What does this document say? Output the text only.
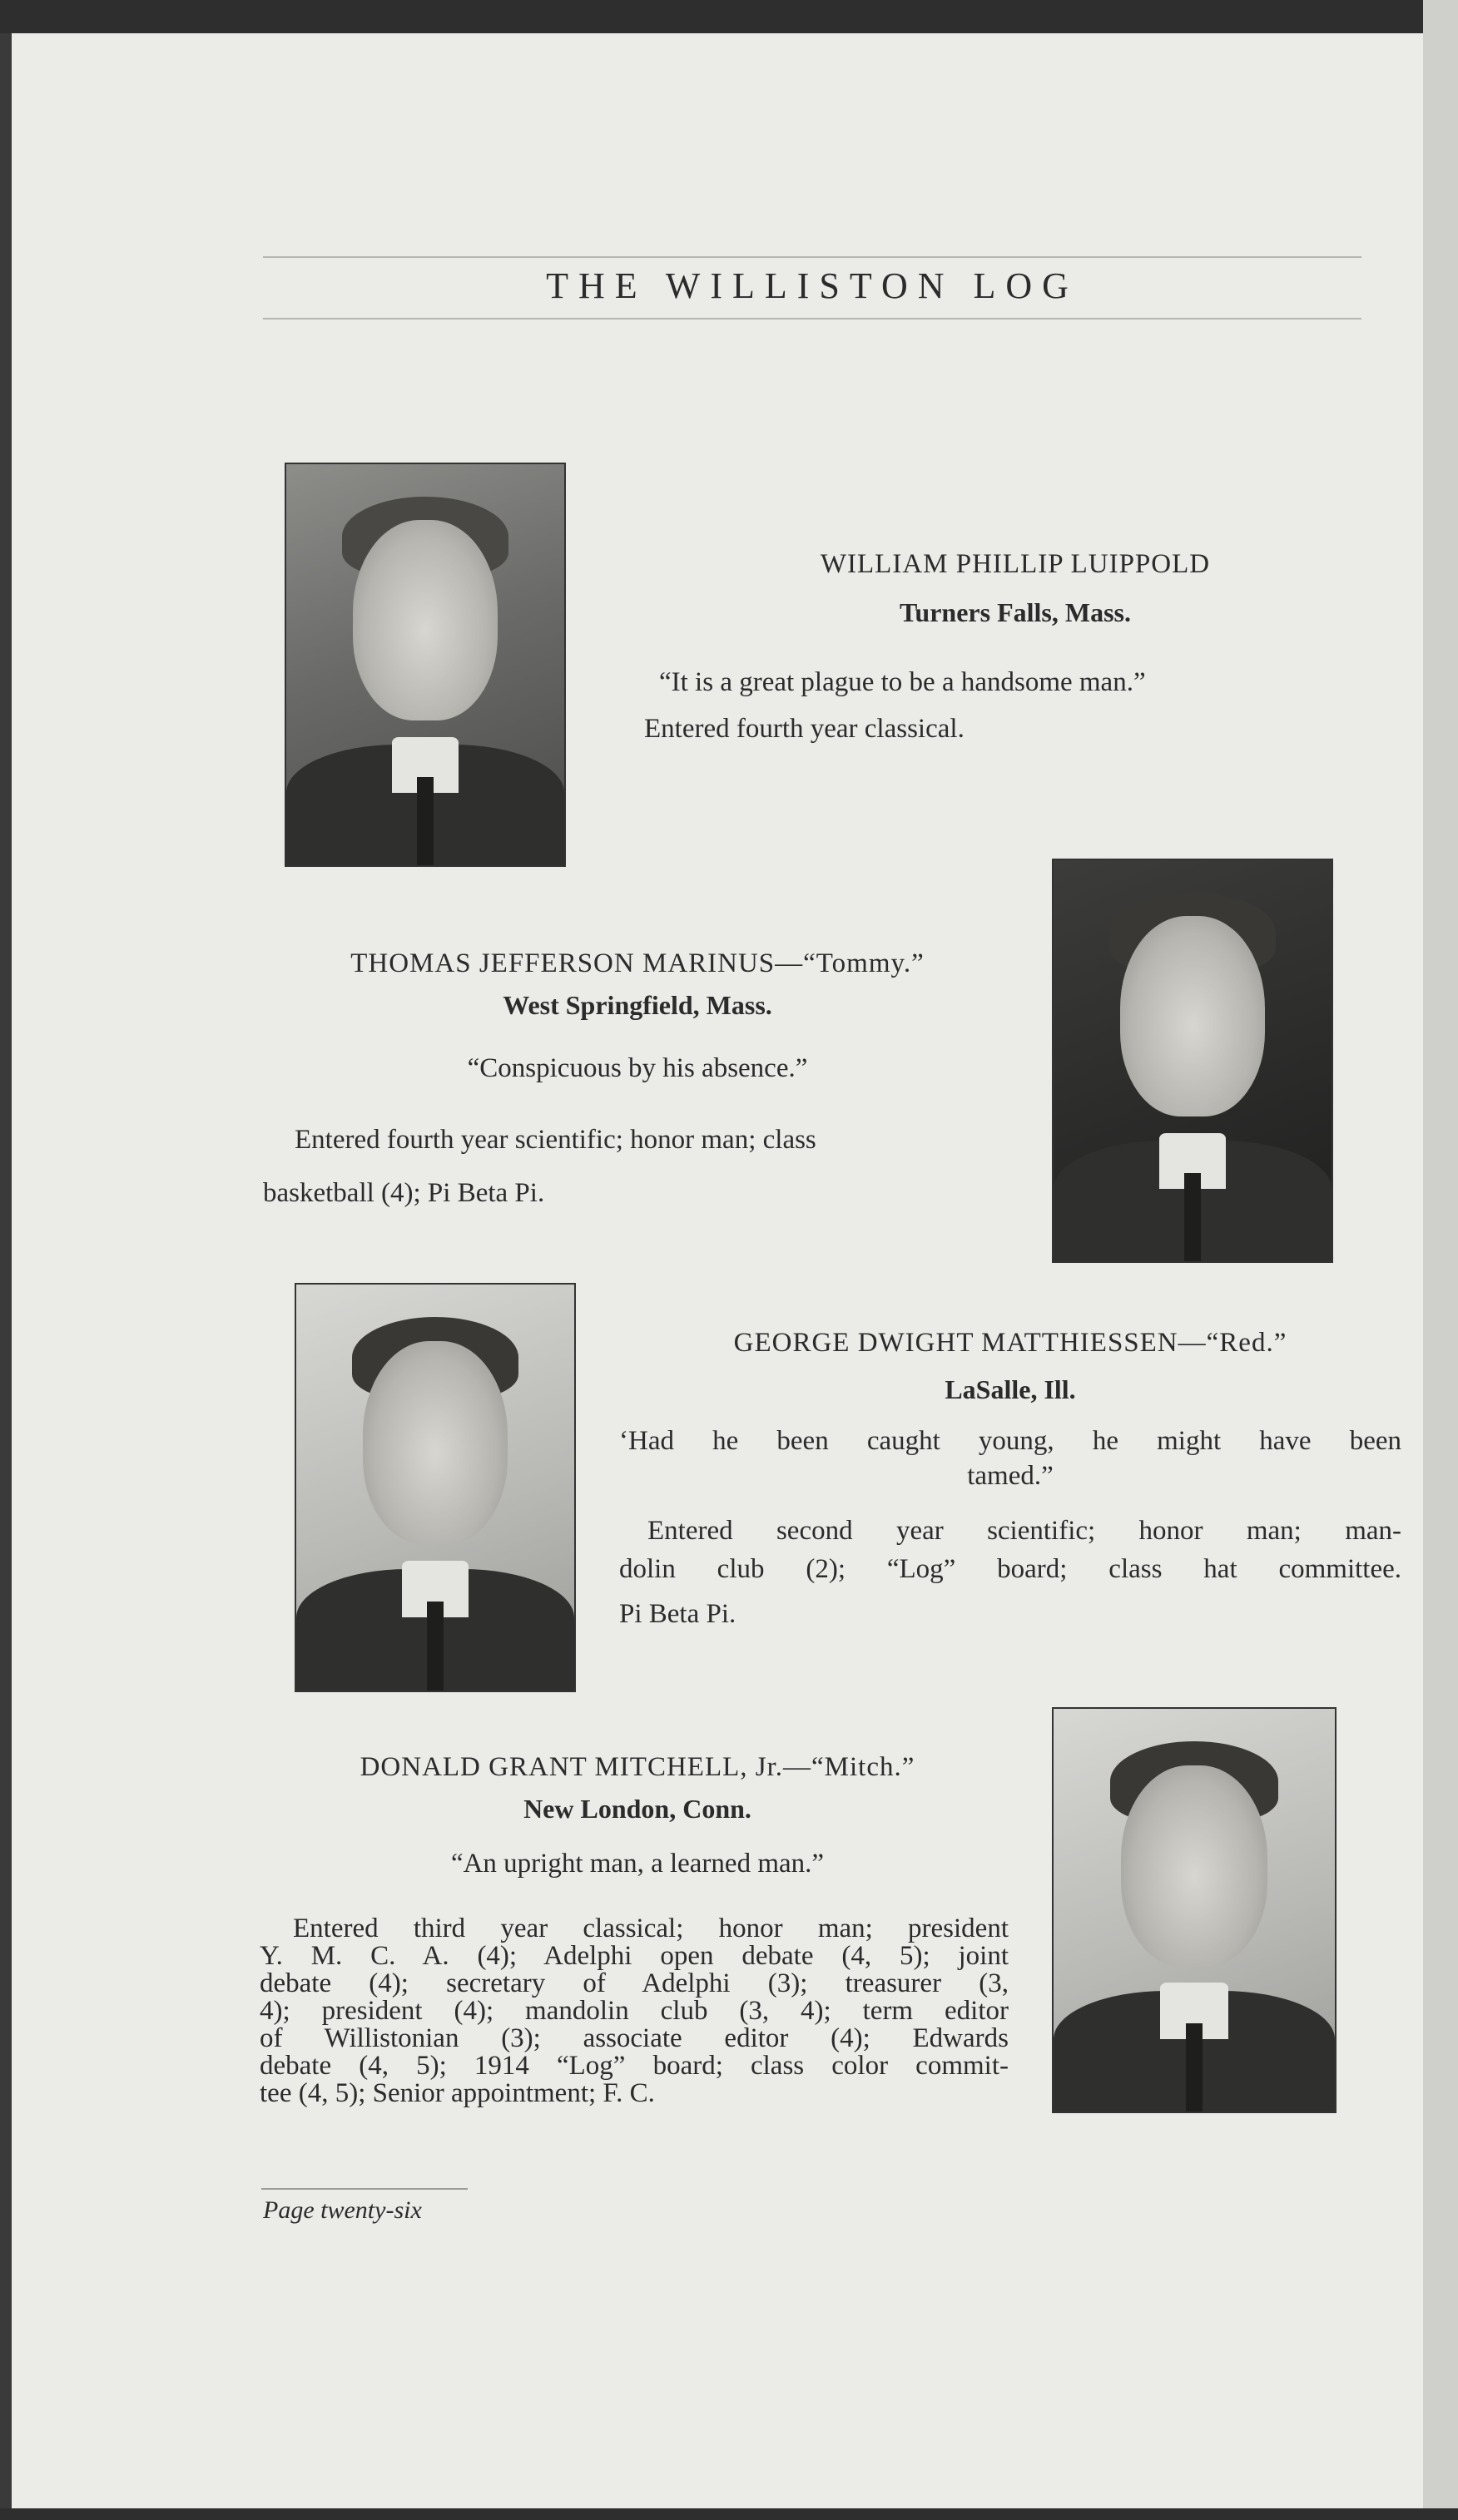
THE WILLISTON LOG
WILLIAM PHILLIP LUIPPOLD
Turners Falls, Mass.
“It is a great plague to be a handsome man.”
Entered fourth year classical.
THOMAS JEFFERSON MARINUS—“Tommy.”
West Springfield, Mass.
“Conspicuous by his absence.”
Entered fourth year scientific; honor man; class
basketball (4); Pi Beta Pi.
GEORGE DWIGHT MATTHIESSEN—“Red.”
LaSalle, Ill.
‘Had he been caught young, he might have been
tamed.”
Entered second year scientific; honor man; man-
dolin club (2); “Log” board; class hat committee.
Pi Beta Pi.
DONALD GRANT MITCHELL, Jr.—“Mitch.”
New London, Conn.
“An upright man, a learned man.”
Entered third year classical; honor man; president
Y. M. C. A. (4); Adelphi open debate (4, 5); joint
debate (4); secretary of Adelphi (3); treasurer (3,
4); president (4); mandolin club (3, 4); term editor
of Willistonian (3); associate editor (4); Edwards
debate (4, 5); 1914 “Log” board; class color commit-
tee (4, 5); Senior appointment; F. C.
Page twenty-six
